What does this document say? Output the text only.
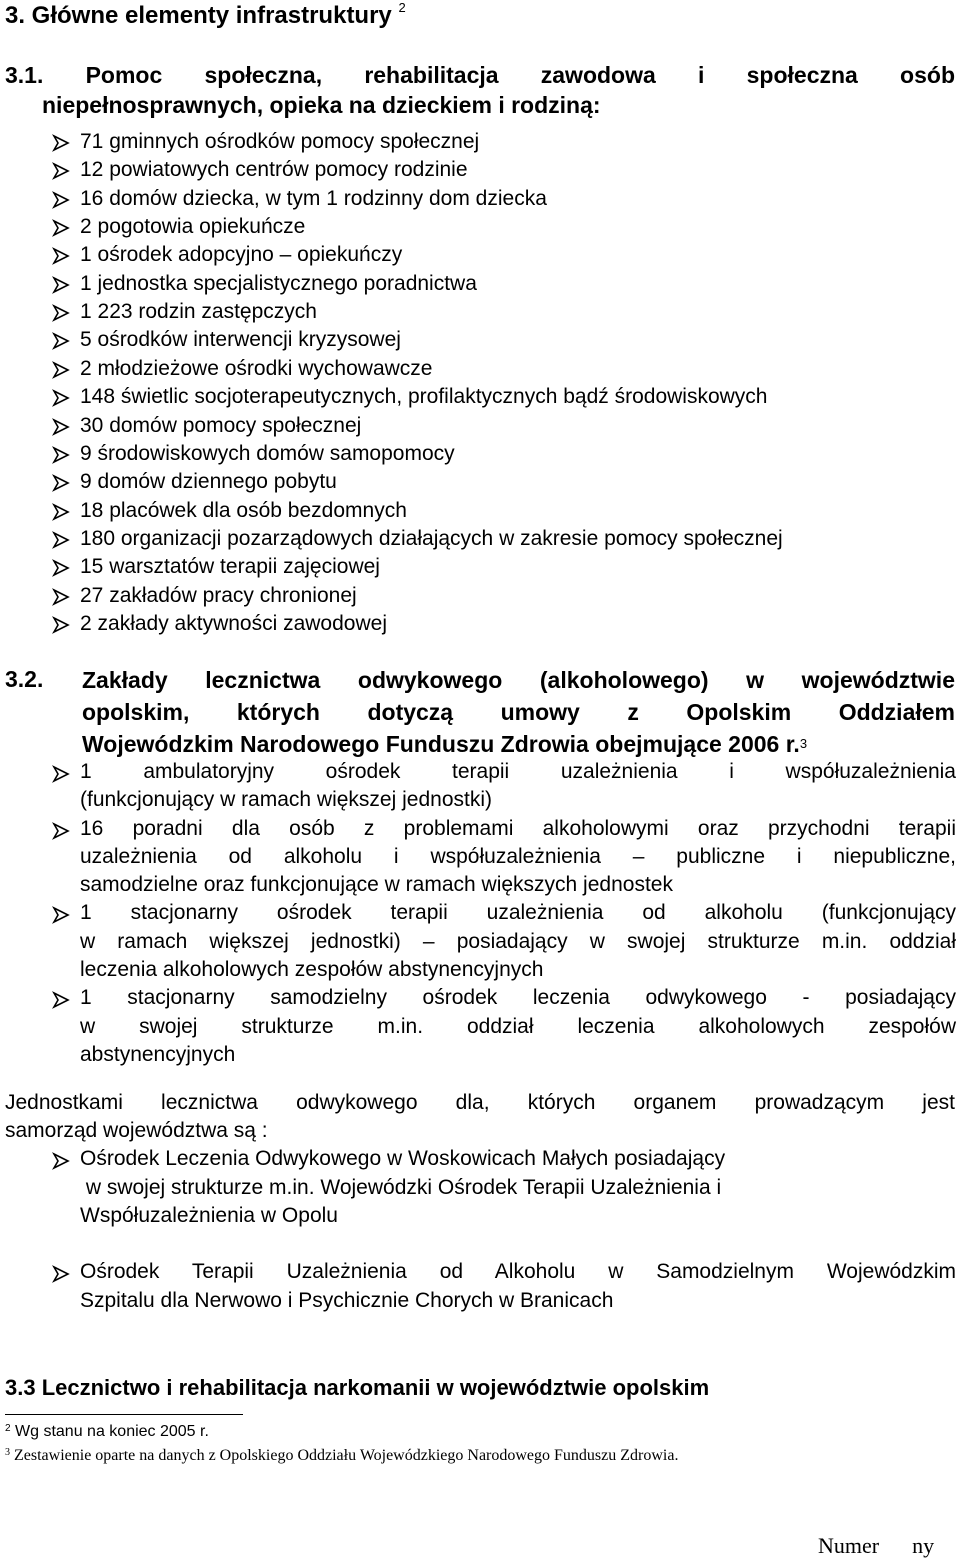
3. Główne elementy infrastruktury $^2$
3.1.   Pomoc   społeczna,   rehabilitacja   zawodowa   i   społeczna   osób
niepełnosprawnych, opieka na dzieckiem i rodziną:
71 gminnych ośrodków pomocy społecznej
12 powiatowych centrów pomocy rodzinie
16 domów dziecka, w tym 1 rodzinny dom dziecka
2 pogotowia opiekuńcze
1 ośrodek adopcyjno – opiekuńczy
1 jednostka specjalistycznego poradnictwa
1 223 rodzin zastępczych
5 ośrodków interwencji kryzysowej
2 młodzieżowe ośrodki wychowawcze
148 świetlic socjoterapeutycznych, profilaktycznych bądź środowiskowych
30 domów pomocy społecznej
9 środowiskowych domów samopomocy
9 domów dziennego pobytu
18 placówek dla osób bezdomnych
180 organizacji pozarządowych działających w zakresie pomocy społecznej
15 warsztatów terapii zajęciowej
27 zakładów pracy chronionej
2 zakłady aktywności zawodowej
3.2. Zakłady lecznictwa odwykowego (alkoholowego) w województwie
opolskim, których dotyczą umowy z Opolskim Oddziałem
Wojewódzkim Narodowego Funduszu Zdrowia obejmujące 2006 r.$^3$
1 ambulatoryjny ośrodek terapii uzależnienia i współuzależnienia
(funkcjonujący w ramach większej jednostki)
16 poradni dla osób z problemami alkoholowymi oraz przychodni terapii
uzależnienia od alkoholu i współuzależnienia – publiczne i niepubliczne,
samodzielne oraz funkcjonujące w ramach większych jednostek
1 stacjonarny ośrodek terapii uzależnienia od alkoholu (funkcjonujący
w ramach większej jednostki) – posiadający w swojej strukturze m.in. oddział
leczenia alkoholowych zespołów abstynencyjnych
1 stacjonarny samodzielny ośrodek leczenia odwykowego - posiadający
w swojej strukturze m.in. oddział leczenia alkoholowych zespołów
abstynencyjnych
Jednostkami lecznictwa odwykowego dla, których organem prowadzącym jest
samorząd województwa są :
Ośrodek Leczenia Odwykowego w Woskowicach Małych posiadający
w swojej strukturze m.in. Wojewódzki Ośrodek Terapii Uzależnienia i
Współuzależnienia w Opolu
Ośrodek Terapii Uzależnienia od Alkoholu w Samodzielnym Wojewódzkim
Szpitalu dla Nerwowo i Psychicznie Chorych w Branicach
3.3 Lecznictwo i rehabilitacja narkomanii w województwie opolskim
$^2$ Wg stanu na koniec 2005 r.
$^3$ Zestawienie oparte na danych z Opolskiego Oddziału Wojewódzkiego Narodowego Funduszu Zdrowia.
Numer      ny
